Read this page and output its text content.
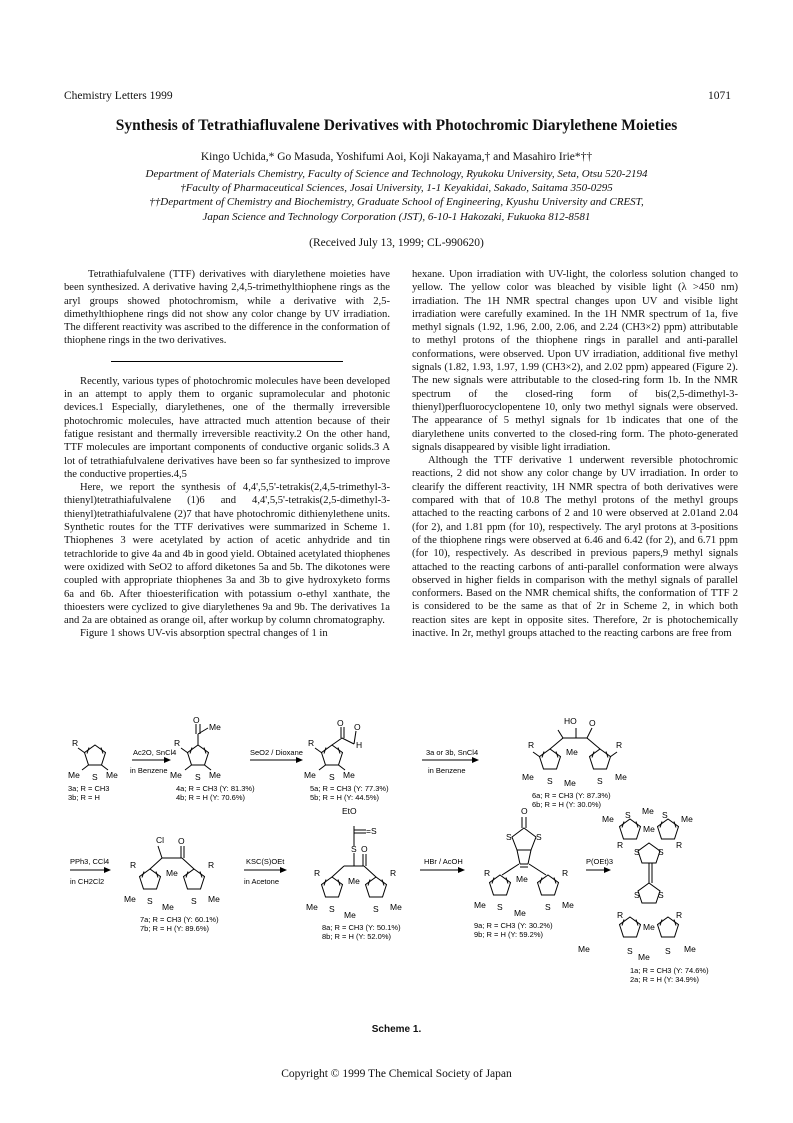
Chemistry Letters 1999	1071
Synthesis of Tetrathiafluvalene Derivatives with Photochromic Diarylethene Moieties
Kingo Uchida,* Go Masuda, Yoshifumi Aoi, Koji Nakayama,† and Masahiro Irie*††
Department of Materials Chemistry, Faculty of Science and Technology, Ryukoku University, Seta, Otsu 520-2194
†Faculty of Pharmaceutical Sciences, Josai University, 1-1 Keyakidai, Sakado, Saitama 350-0295
††Department of Chemistry and Biochemistry, Graduate School of Engineering, Kyushu University and CREST,
Japan Science and Technology Corporation (JST), 6-10-1 Hakozaki, Fukuoka 812-8581
(Received July 13, 1999; CL-990620)

Tetrathiafulvalene (TTF) derivatives with diarylethene moieties have been synthesized. A derivative having 2,4,5-trimethylthiophene rings as the aryl groups showed photochromism, while a derivative with 2,5-dimethylthiophene rings did not show any color change by UV irradiation. The different reactivity was ascribed to the difference in the conformation of thiophene rings in the two derivatives.

Recently, various types of photochromic molecules have been developed in an attempt to apply them to organic supramolecular and photonic devices.1 Especially, diarylethenes, one of the thermally irreversible photochromic molecules, have attracted much attention because of their fatigue resistant and thermally irreversible reactivity.2 On the other hand, TTF molecules are important components of conductive organic solids.3 A lot of tetrathiafulvalene derivatives have been so far synthesized to improve the conductive properties.4,5

Here, we report the synthesis of 4,4',5,5'-tetrakis(2,4,5-trimethyl-3-thienyl)tetrathiafulvalene (1)6 and 4,4',5,5'-tetrakis(2,5-dimethyl-3-thienyl)tetrathiafulvalene (2)7 that have photochromic dithienylethene units. Synthetic routes for the TTF derivatives were summarized in Scheme 1. Thiophenes 3 were acetylated by action of acetic anhydride and tin tetrachloride to give 4a and 4b in good yield. Obtained acetylated thiophenes were oxidized with SeO2 to afford diketones 5a and 5b. The dikotones were coupled with appropriate thiophenes 3a and 3b to give hydroxyketo forms 6a and 6b. After thioesterification with potassium o-ethyl xanthate, the thioesters were cyclized to give diarylethenes 9a and 9b. The derivatives 1a and 2a are obtained as orange oil, after workup by column chromatography.

Figure 1 shows UV-vis absorption spectral changes of 1 in

hexane. Upon irradiation with UV-light, the colorless solution changed to yellow. The yellow color was bleached by visible light (λ >450 nm) irradiation. The 1H NMR spectral changes upon UV and visible light irradiation were carefully examined. In the 1H NMR spectrum of 1a, five methyl signals (1.92, 1.96, 2.00, 2.06, and 2.24 (CH3×2) ppm) attributable to methyl protons of the thiophene rings in parallel and anti-parallel conformations, were observed. Upon UV irradiation, additional five methyl signals (1.82, 1.93, 1.97, 1.99 (CH3×2), and 2.02 ppm) appeared (Figure 2). The new signals were attributable to the closed-ring form 1b. In the NMR spectrum of the closed-ring form of bis(2,5-dimethyl-3-thienyl)perfluorocyclopentene 10, only two methyl signals were observed. The appearance of 5 methyl signals for 1b indicates that one of the diarylethene units converted to the closed-ring form. The photo-generated signals disappeared by visible light irradiation.

Although the TTF derivative 1 underwent reversible photochromic reactions, 2 did not show any color change by UV irradiation. In order to clearify the different reactivity, 1H NMR spectra of both derivatives were compared with that of 10.8 The methyl protons of the methyl groups attached to the reacting carbons of 2 and 10 were observed at 2.01and 2.04 (for 2), and 1.81 ppm (for 10), respectively. The aryl protons at 3-positions of the thiophene rings were observed at 6.46 and 6.42 (for 2), and 6.71 ppm (for 10), respectively. As described in previous papers,9 methyl signals attached to the reacting carbons of anti-parallel conformation were always observed in higher fields in comparison with the methyl signals of parallel conformers. Based on the NMR chemical shifts, the conformation of TTF 2 is considered to be the same as that of 2r in Scheme 2, in which both reaction sites are kept in opposite sites. Therefore, 2r is photochemically inactive. In 2r, methyl groups attached to the reacting carbons are free from

R
Me S Me
3a; R = CH3
3b; R = H
Ac2O, SnCl4
in Benzene
R
O
Me
Me S Me
4a; R = CH3 (Y: 81.3%)
4b; R = H (Y: 70.6%)
SeO2 / Dioxane
R
O O
H
Me S Me
5a; R = CH3 (Y: 77.3%)
5b; R = H (Y: 44.5%)
3a or 3b, SnCl4
in Benzene
HO O
R	R
Me
Me S Me S Me
6a; R = CH3 (Y: 87.3%)
6b; R = H (Y: 30.0%)
Me S Me S Me
Me
R	R
S S
S S
R	R
Me
Me	S
Me
S Me
1a; R = CH3 (Y: 74.6%)
2a; R = H (Y: 34.9%)
PPh3, CCl4
in CH2Cl2
Cl O
R	R
Me
Me S
Me
S Me
7a; R = CH3 (Y: 60.1%)
7b; R = H (Y: 89.6%)
KSC(S)OEt
in Acetone
EtO
=S
S O
R	R
Me
Me S
Me
S Me
8a; R = CH3 (Y: 50.1%)
8b; R = H (Y: 52.0%)
HBr / AcOH
O
S	S
R	R
Me
Me S
Me
S Me
9a; R = CH3 (Y: 30.2%)
9b; R = H (Y: 59.2%)
P(OEt)3
Scheme 1.
Copyright © 1999 The Chemical Society of Japan
